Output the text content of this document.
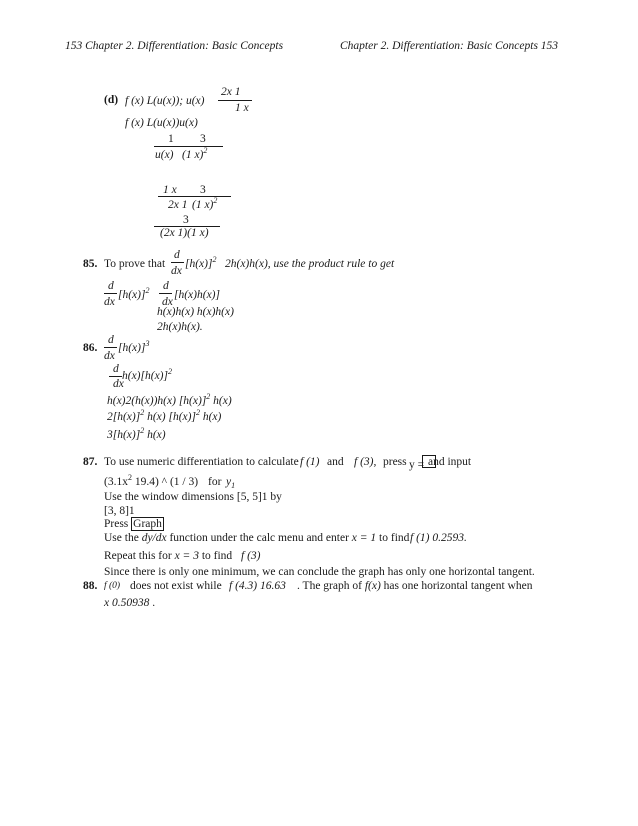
153 Chapter 2. Differentiation: Basic Concepts	Chapter 2. Differentiation: Basic Concepts 153
(d) f (x) L(u(x)); u(x)
2x 1
1 x
f (x) L(u(x))u(x)
1
u(x)
3
(1 x)$^2$
1 x
2x 1
3
(1 x)$^2$
3
(2x 1)(1 x)
85. To prove that
d
dx
$[h(x)]^2$ 2h(x)h(x), use the product rule to get
d
dx
$[h(x)]^2$ d
dx
[h(x)h(x)]
h(x)h(x) h(x)h(x)
2h(x)h(x).
86.
d
dx
$[h(x)]^3$
d
dx
$h(x)[h(x)]^2$
h(x)2(h(x))h(x) $[h(x)]^2$ h(x)
$2[h(x)]^2$ h(x) $[h(x)]^2$ h(x)
$3[h(x)]^2$ h(x)
87. To use numeric differentiation to calculate f (1) and f (3), press y = and input
($3.1x^2$ 19.4) ^ (1 / 3) for $y_1$
Use the window dimensions [5, 5]1 by
[3, 8]1
Press Graph
Use the dy/dx function under the calc menu and enter x = 1 to find f (1) 0.2593.
Repeat this for x = 3 to find f (3)
Since there is only one minimum, we can conclude the graph has only one horizontal tangent.
88. f (0) does not exist while f (4.3) 16.63 . The graph of f(x) has one horizontal tangent when
x 0.50938 .
